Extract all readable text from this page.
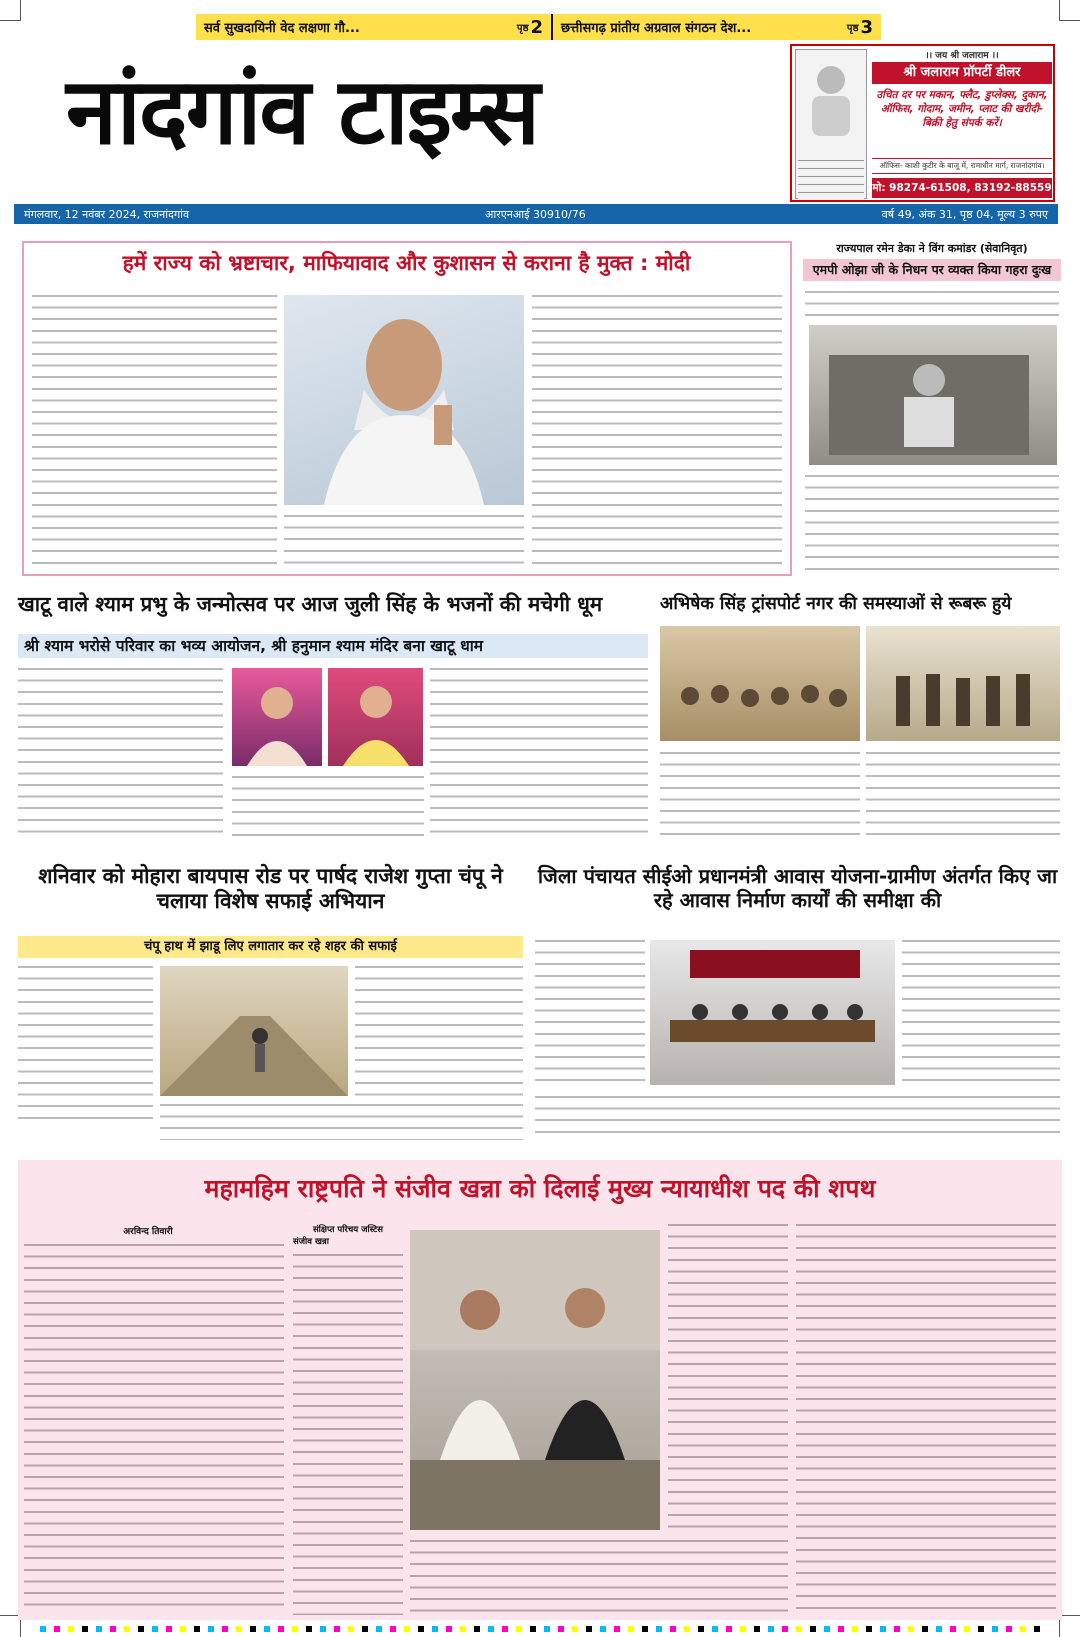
सर्व सुखदायिनी वेद लक्षणा गौ...	पृष्ठ 2 छत्तीसगढ़ प्रांतीय अग्रवाल संगठन देश...	पृष्ठ 3
नांदगांव टाइम्स
।। जय श्री जलाराम ।।
श्री जलाराम प्रॉपर्टी डीलर
उचित दर पर मकान, फ्लैट, डुप्लेक्स, दुकान, ऑफिस, गोदाम, जमीन, प्लाट की खरीदी-बिक्री हेतु संपर्क करें।
ऑफिस- काशी कुटीर के बाजू में, रामाधीन मार्ग, राजनांदगांव।
मो: 98274-61508, 83192-88559
मंगलवार, 12 नवंबर 2024, राजनांदगांव	आरएनआई 30910/76	वर्ष 49, अंक 31, पृष्ठ 04, मूल्य 3 रुपए
हमें राज्य को भ्रष्टाचार, माफियावाद और कुशासन से कराना है मुक्त : मोदी
राज्यपाल रमेन डेका ने विंग कमांडर (सेवानिवृत)
एमपी ओझा जी के निधन पर व्यक्त किया गहरा दुःख
खाटू वाले श्याम प्रभु के जन्मोत्सव पर आज जुली सिंह के भजनों की मचेगी धूम
श्री श्याम भरोसे परिवार का भव्य आयोजन, श्री हनुमान श्याम मंदिर बना खाटू धाम
अभिषेक सिंह ट्रांसपोर्ट नगर की समस्याओं से रूबरू हुये
शनिवार को मोहारा बायपास रोड पर पार्षद राजेश गुप्ता चंपू ने चलाया विशेष सफाई अभियान
चंपू हाथ में झाडू लिए लगातार कर रहे शहर की सफाई
जिला पंचायत सीईओ प्रधानमंत्री आवास योजना-ग्रामीण अंतर्गत किए जा रहे आवास निर्माण कार्यों की समीक्षा की
महामहिम राष्ट्रपति ने संजीव खन्ना को दिलाई मुख्य न्यायाधीश पद की शपथ
अरविन्द तिवारी	संक्षिप्त परिचय जस्टिस
संजीव खन्ना
